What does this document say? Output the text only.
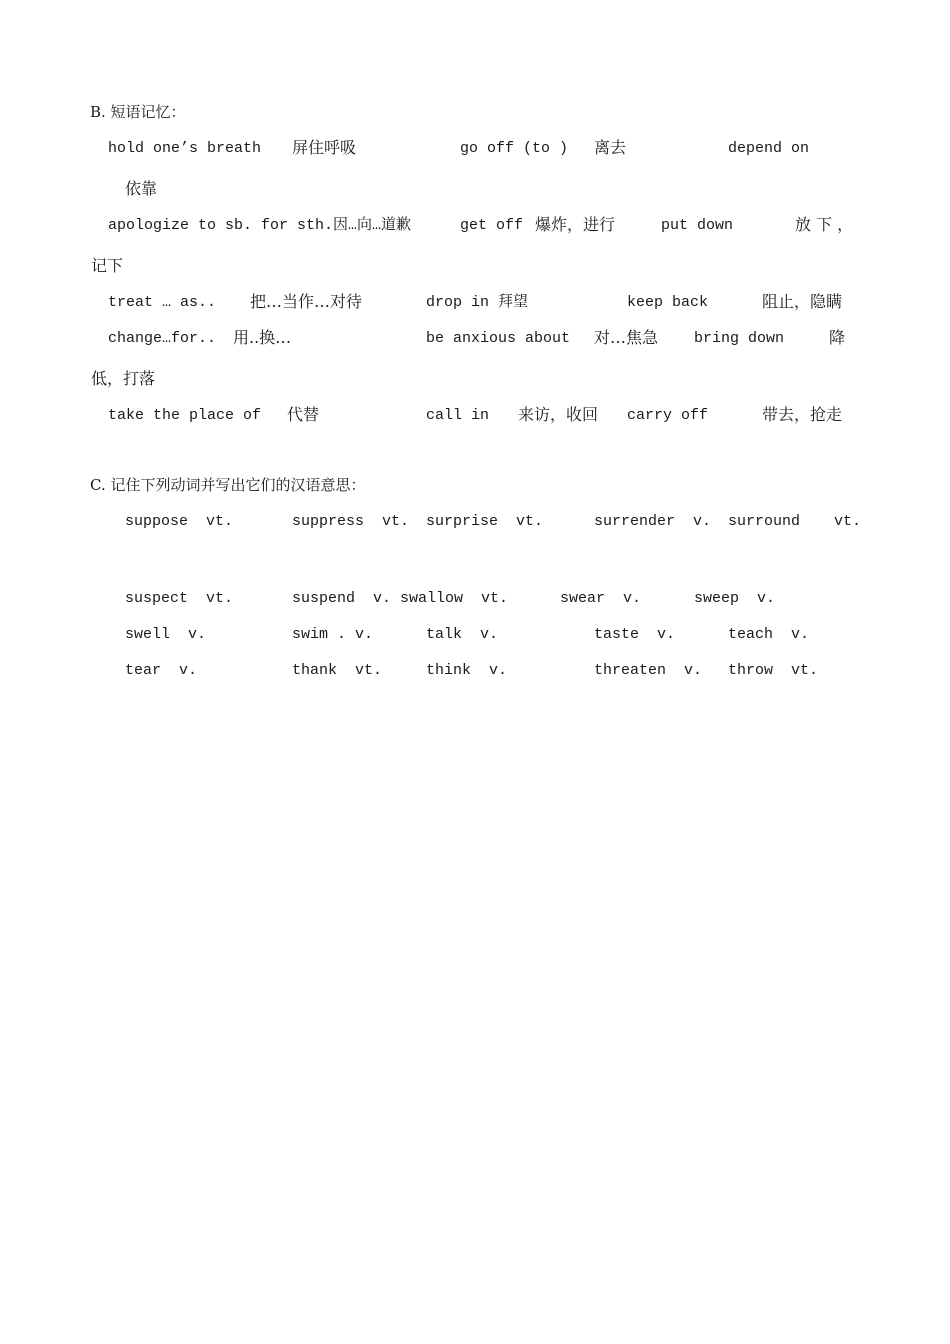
B. 短语记忆：
hold one’s breath 屏住呼吸	go off (to ) 离去	depend on
依靠
apologize to sb. for sth.因…向…道歉	get off 爆炸，进行	put down	放 下 ，
记下
treat … as.. 把…当作…对待	drop in 拜望	keep back	阻止，隐瞒
change…for.. 用..换…	be anxious about 对…焦急 bring down	降
低，打落
take the place of 代替	call in 来访，收回 carry off	带去，抢走
C. 记住下列动词并写出它们的汉语意思：
suppose  vt.	suppress  vt. surprise  vt.	surrender  v. surround vt.
suspect  vt.	suspend  v. swallow  vt.	swear  v.	sweep  v.
swell  v.	swim . v.	talk  v.	taste  v.	teach  v.
tear  v.	thank  vt.	think  v.	threaten  v. throw  vt.
